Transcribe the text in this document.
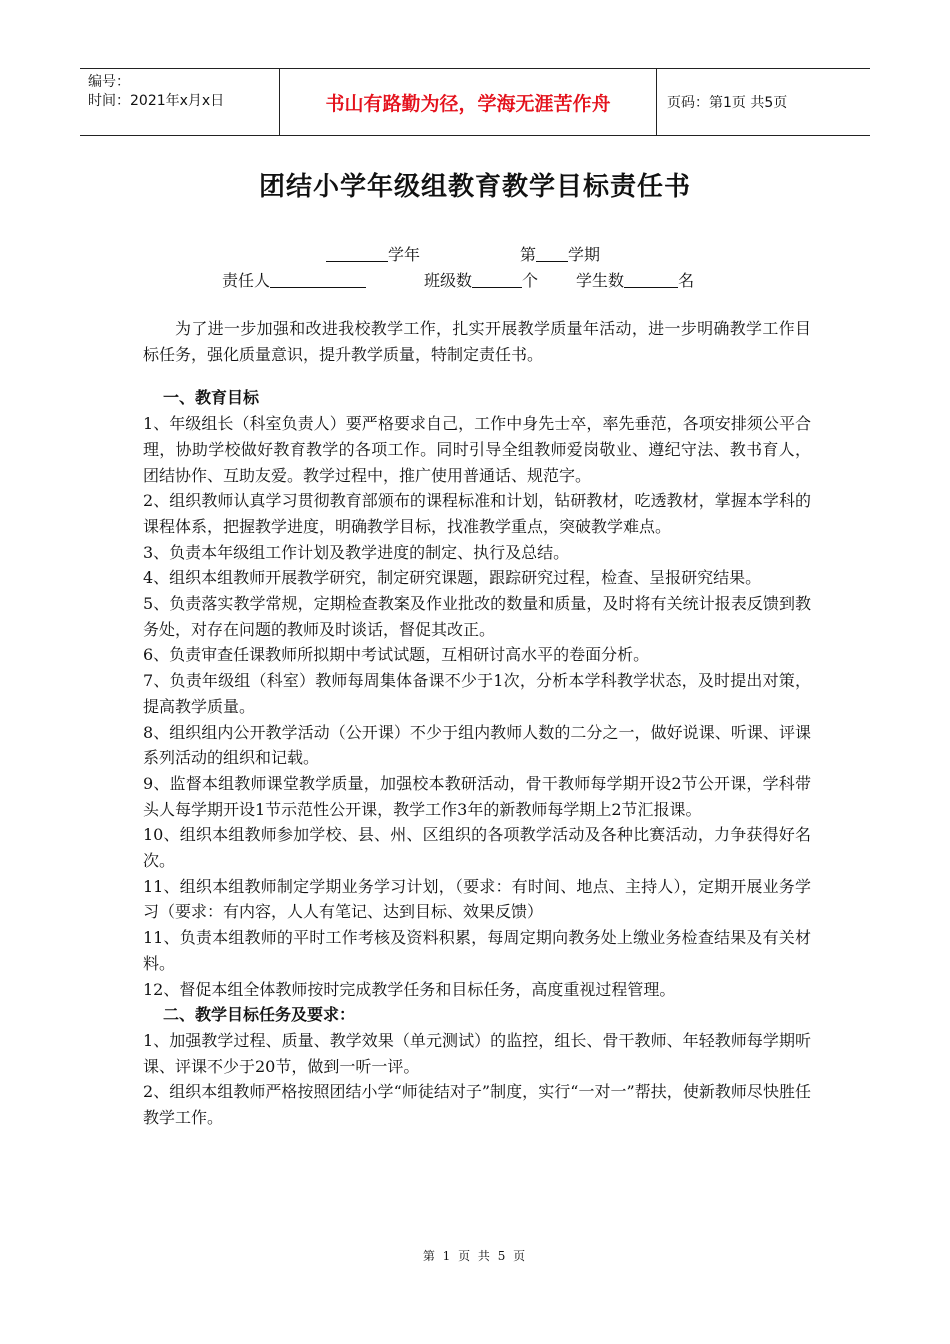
编号：
时间：2021年x月x日	书山有路勤为径，学海无涯苦作舟	页码：第1页 共5页
团结小学年级组教育教学目标责任书
学年	第 学期
责任人	班级数	个 学生数	名

为了进一步加强和改进我校教学工作，扎实开展教学质量年活动，进一步明确教学工作目标任务，强化质量意识，提升教学质量，特制定责任书。

一、教育目标

1、年级组长（科室负责人）要严格要求自己，工作中身先士卒，率先垂范，各项安排须公平合理，协助学校做好教育教学的各项工作。同时引导全组教师爱岗敬业、遵纪守法、教书育人，团结协作、互助友爱。教学过程中，推广使用普通话、规范字。

2、组织教师认真学习贯彻教育部颁布的课程标准和计划，钻研教材，吃透教材，掌握本学科的课程体系，把握教学进度，明确教学目标，找准教学重点，突破教学难点。

3、负责本年级组工作计划及教学进度的制定、执行及总结。

4、组织本组教师开展教学研究，制定研究课题，跟踪研究过程，检查、呈报研究结果。

5、负责落实教学常规，定期检查教案及作业批改的数量和质量，及时将有关统计报表反馈到教务处，对存在问题的教师及时谈话，督促其改正。

6、负责审查任课教师所拟期中考试试题，互相研讨高水平的卷面分析。

7、负责年级组（科室）教师每周集体备课不少于1次，分析本学科教学状态，及时提出对策，提高教学质量。

8、组织组内公开教学活动（公开课）不少于组内教师人数的二分之一，做好说课、听课、评课系列活动的组织和记载。

9、监督本组教师课堂教学质量，加强校本教研活动，骨干教师每学期开设2节公开课，学科带头人每学期开设1节示范性公开课，教学工作3年的新教师每学期上2节汇报课。

10、组织本组教师参加学校、县、州、区组织的各项教学活动及各种比赛活动，力争获得好名次。

11、组织本组教师制定学期业务学习计划，（要求：有时间、地点、主持人），定期开展业务学习（要求：有内容，人人有笔记、达到目标、效果反馈）

11、负责本组教师的平时工作考核及资料积累，每周定期向教务处上缴业务检查结果及有关材料。

12、督促本组全体教师按时完成教学任务和目标任务，高度重视过程管理。

二、教学目标任务及要求：

1、加强教学过程、质量、教学效果（单元测试）的监控，组长、骨干教师、年轻教师每学期听课、评课不少于20节，做到一听一评。

2、组织本组教师严格按照团结小学“师徒结对子”制度，实行“一对一”帮扶，使新教师尽快胜任教学工作。

第 1 页 共 5 页
